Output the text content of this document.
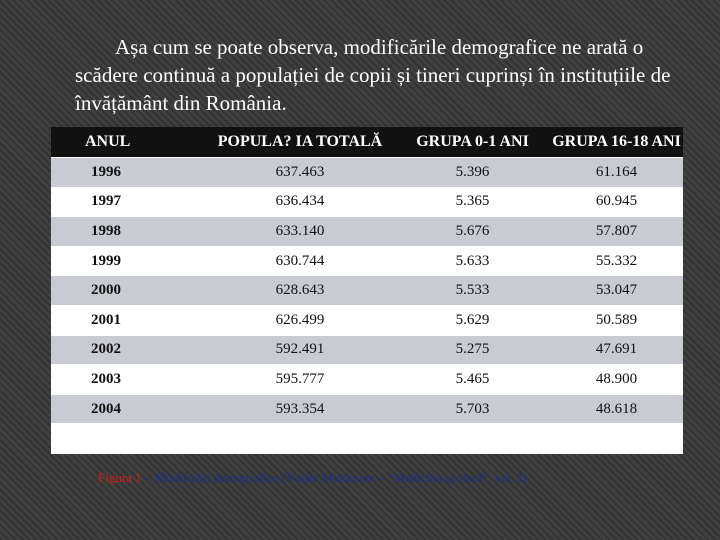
Așa cum se poate observa, modificările demografice ne arată o scădere continuă a populației de copii și tineri cuprinși în instituțiile de învățământ din România.

ANUL	POPULA? IA TOTALĂ	GRUPA 0-1 ANI	GRUPA 16-18 ANI
1996	637.463	5.396	61.164
1997	636.434	5.365	60.945
1998	633.140	5.676	57.807
1999	630.744	5.633	55.332
2000	628.643	5.533	53.047
2001	626.499	5.629	50.589
2002	592.491	5.275	47.691
2003	595.777	5.465	48.900
2004	593.354	5.703	48.618
Figura 1 – Modificări demografice (Vasile Moldovan – “Medicina școlară”, vol. I)
